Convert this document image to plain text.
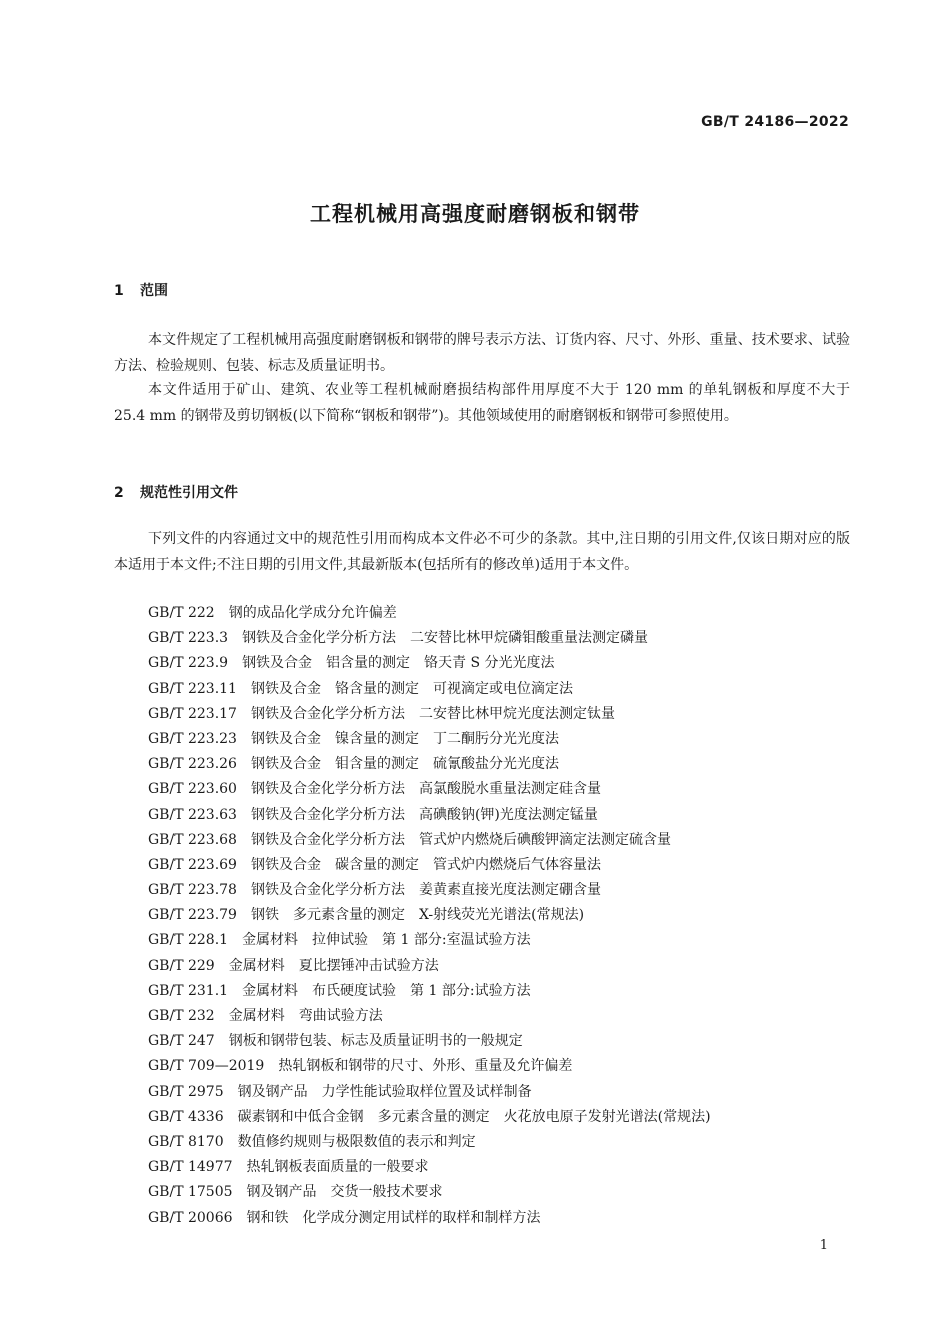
GB/T 24186—2022
工程机械用高强度耐磨钢板和钢带
1 范围

本文件规定了工程机械用高强度耐磨钢板和钢带的牌号表示方法、订货内容、尺寸、外形、重量、技术要求、试验方法、检验规则、包装、标志及质量证明书。

本文件适用于矿山、建筑、农业等工程机械耐磨损结构部件用厚度不大于 120 mm 的单轧钢板和厚度不大于 25.4 mm 的钢带及剪切钢板(以下简称“钢板和钢带”)。其他领域使用的耐磨钢板和钢带可参照使用。

2 规范性引用文件

下列文件的内容通过文中的规范性引用而构成本文件必不可少的条款。其中,注日期的引用文件,仅该日期对应的版本适用于本文件;不注日期的引用文件,其最新版本(包括所有的修改单)适用于本文件。

GB/T 222 钢的成品化学成分允许偏差
GB/T 223.3 钢铁及合金化学分析方法　二安替比林甲烷磷钼酸重量法测定磷量
GB/T 223.9 钢铁及合金　铝含量的测定　铬天青 S 分光光度法
GB/T 223.11 钢铁及合金　铬含量的测定　可视滴定或电位滴定法
GB/T 223.17 钢铁及合金化学分析方法　二安替比林甲烷光度法测定钛量
GB/T 223.23 钢铁及合金　镍含量的测定　丁二酮肟分光光度法
GB/T 223.26 钢铁及合金　钼含量的测定　硫氰酸盐分光光度法
GB/T 223.60 钢铁及合金化学分析方法　高氯酸脱水重量法测定硅含量
GB/T 223.63 钢铁及合金化学分析方法　高碘酸钠(钾)光度法测定锰量
GB/T 223.68 钢铁及合金化学分析方法　管式炉内燃烧后碘酸钾滴定法测定硫含量
GB/T 223.69 钢铁及合金　碳含量的测定　管式炉内燃烧后气体容量法
GB/T 223.78 钢铁及合金化学分析方法　姜黄素直接光度法测定硼含量
GB/T 223.79 钢铁　多元素含量的测定　X-射线荧光光谱法(常规法)
GB/T 228.1 金属材料　拉伸试验　第 1 部分:室温试验方法
GB/T 229 金属材料　夏比摆锤冲击试验方法
GB/T 231.1 金属材料　布氏硬度试验　第 1 部分:试验方法
GB/T 232 金属材料　弯曲试验方法
GB/T 247 钢板和钢带包装、标志及质量证明书的一般规定
GB/T 709—2019 热轧钢板和钢带的尺寸、外形、重量及允许偏差
GB/T 2975 钢及钢产品　力学性能试验取样位置及试样制备
GB/T 4336 碳素钢和中低合金钢　多元素含量的测定　火花放电原子发射光谱法(常规法)
GB/T 8170 数值修约规则与极限数值的表示和判定
GB/T 14977 热轧钢板表面质量的一般要求
GB/T 17505 钢及钢产品　交货一般技术要求
GB/T 20066 钢和铁　化学成分测定用试样的取样和制样方法
1
